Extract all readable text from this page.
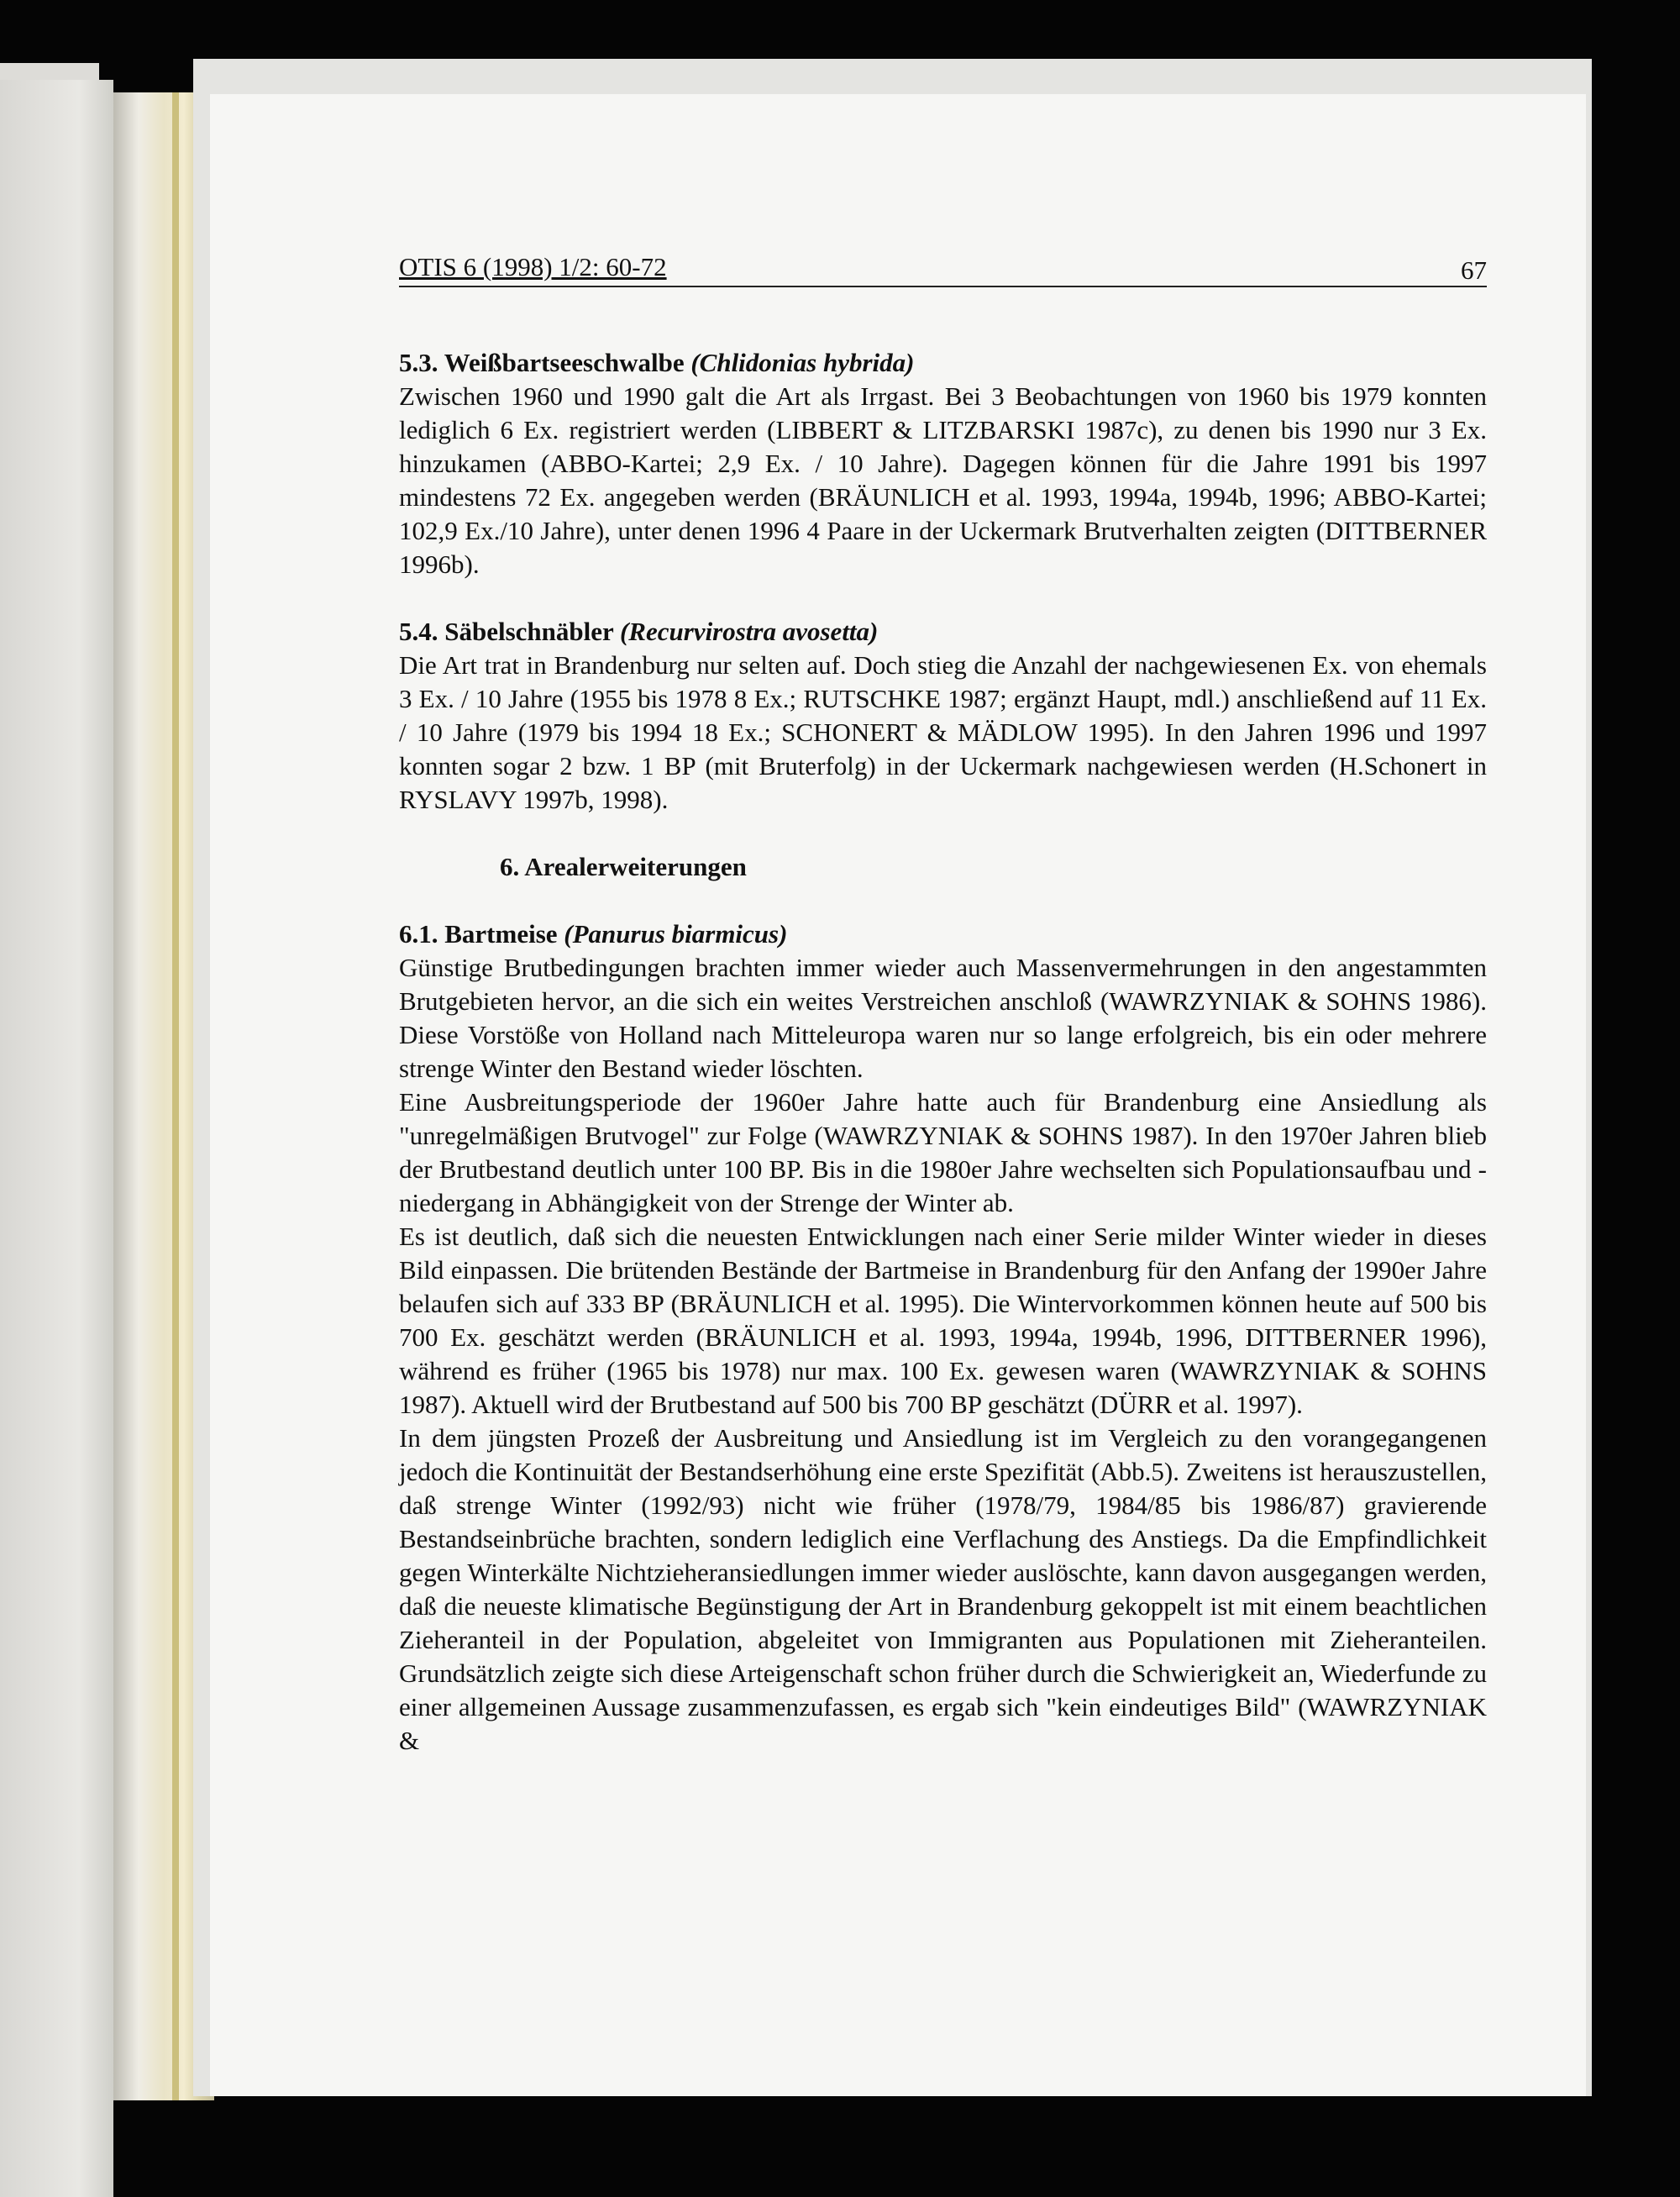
OTIS 6 (1998) 1/2: 60-72	67
5.3. Weißbartseeschwalbe (Chlidonias hybrida)

Zwischen 1960 und 1990 galt die Art als Irrgast. Bei 3 Beobachtungen von 1960 bis 1979 konnten lediglich 6 Ex. registriert werden (LIBBERT & LITZBARSKI 1987c), zu denen bis 1990 nur 3 Ex. hinzukamen (ABBO-Kartei; 2,9 Ex. / 10 Jahre). Dagegen können für die Jahre 1991 bis 1997 mindestens 72 Ex. angegeben werden (BRÄUNLICH et al. 1993, 1994a, 1994b, 1996; ABBO-Kartei; 102,9 Ex./10 Jahre), unter denen 1996 4 Paare in der Uckermark Brutverhalten zeigten (DITTBERNER 1996b).

5.4. Säbelschnäbler (Recurvirostra avosetta)

Die Art trat in Brandenburg nur selten auf. Doch stieg die Anzahl der nachgewiesenen Ex. von ehemals 3 Ex. / 10 Jahre (1955 bis 1978 8 Ex.; RUTSCHKE 1987; ergänzt Haupt, mdl.) anschließend auf 11 Ex. / 10 Jahre (1979 bis 1994 18 Ex.; SCHONERT & MÄDLOW 1995). In den Jahren 1996 und 1997 konnten sogar 2 bzw. 1 BP (mit Bruterfolg) in der Uckermark nachgewiesen werden (H.Schonert in RYSLAVY 1997b, 1998).

6. Arealerweiterungen
6.1. Bartmeise (Panurus biarmicus)

Günstige Brutbedingungen brachten immer wieder auch Massenvermehrungen in den angestammten Brutgebieten hervor, an die sich ein weites Verstreichen anschloß (WAWRZYNIAK & SOHNS 1986). Diese Vorstöße von Holland nach Mitteleuropa waren nur so lange erfolgreich, bis ein oder mehrere strenge Winter den Bestand wieder löschten.

Eine Ausbreitungsperiode der 1960er Jahre hatte auch für Brandenburg eine Ansiedlung als "unregelmäßigen Brutvogel" zur Folge (WAWRZYNIAK & SOHNS 1987). In den 1970er Jahren blieb der Brutbestand deutlich unter 100 BP. Bis in die 1980er Jahre wechselten sich Populationsaufbau und -niedergang in Abhängigkeit von der Strenge der Winter ab.

Es ist deutlich, daß sich die neuesten Entwicklungen nach einer Serie milder Winter wieder in dieses Bild einpassen. Die brütenden Bestände der Bartmeise in Brandenburg für den Anfang der 1990er Jahre belaufen sich auf 333 BP (BRÄUNLICH et al. 1995). Die Wintervorkommen können heute auf 500 bis 700 Ex. geschätzt werden (BRÄUNLICH et al. 1993, 1994a, 1994b, 1996, DITTBERNER 1996), während es früher (1965 bis 1978) nur max. 100 Ex. gewesen waren (WAWRZYNIAK & SOHNS 1987). Aktuell wird der Brutbestand auf 500 bis 700 BP geschätzt (DÜRR et al. 1997).

In dem jüngsten Prozeß der Ausbreitung und Ansiedlung ist im Vergleich zu den vorangegangenen jedoch die Kontinuität der Bestandserhöhung eine erste Spezifität (Abb.5). Zweitens ist herauszustellen, daß strenge Winter (1992/93) nicht wie früher (1978/79, 1984/85 bis 1986/87) gravierende Bestandseinbrüche brachten, sondern lediglich eine Verflachung des Anstiegs. Da die Empfindlichkeit gegen Winterkälte Nichtzieheransiedlungen immer wieder auslöschte, kann davon ausgegangen werden, daß die neueste klimatische Begünstigung der Art in Brandenburg gekoppelt ist mit einem beachtlichen Zieheranteil in der Population, abgeleitet von Immigranten aus Populationen mit Zieheranteilen. Grundsätzlich zeigte sich diese Arteigenschaft schon früher durch die Schwierigkeit an, Wiederfunde zu einer allgemeinen Aussage zusammenzufassen, es ergab sich "kein eindeutiges Bild" (WAWRZYNIAK &
